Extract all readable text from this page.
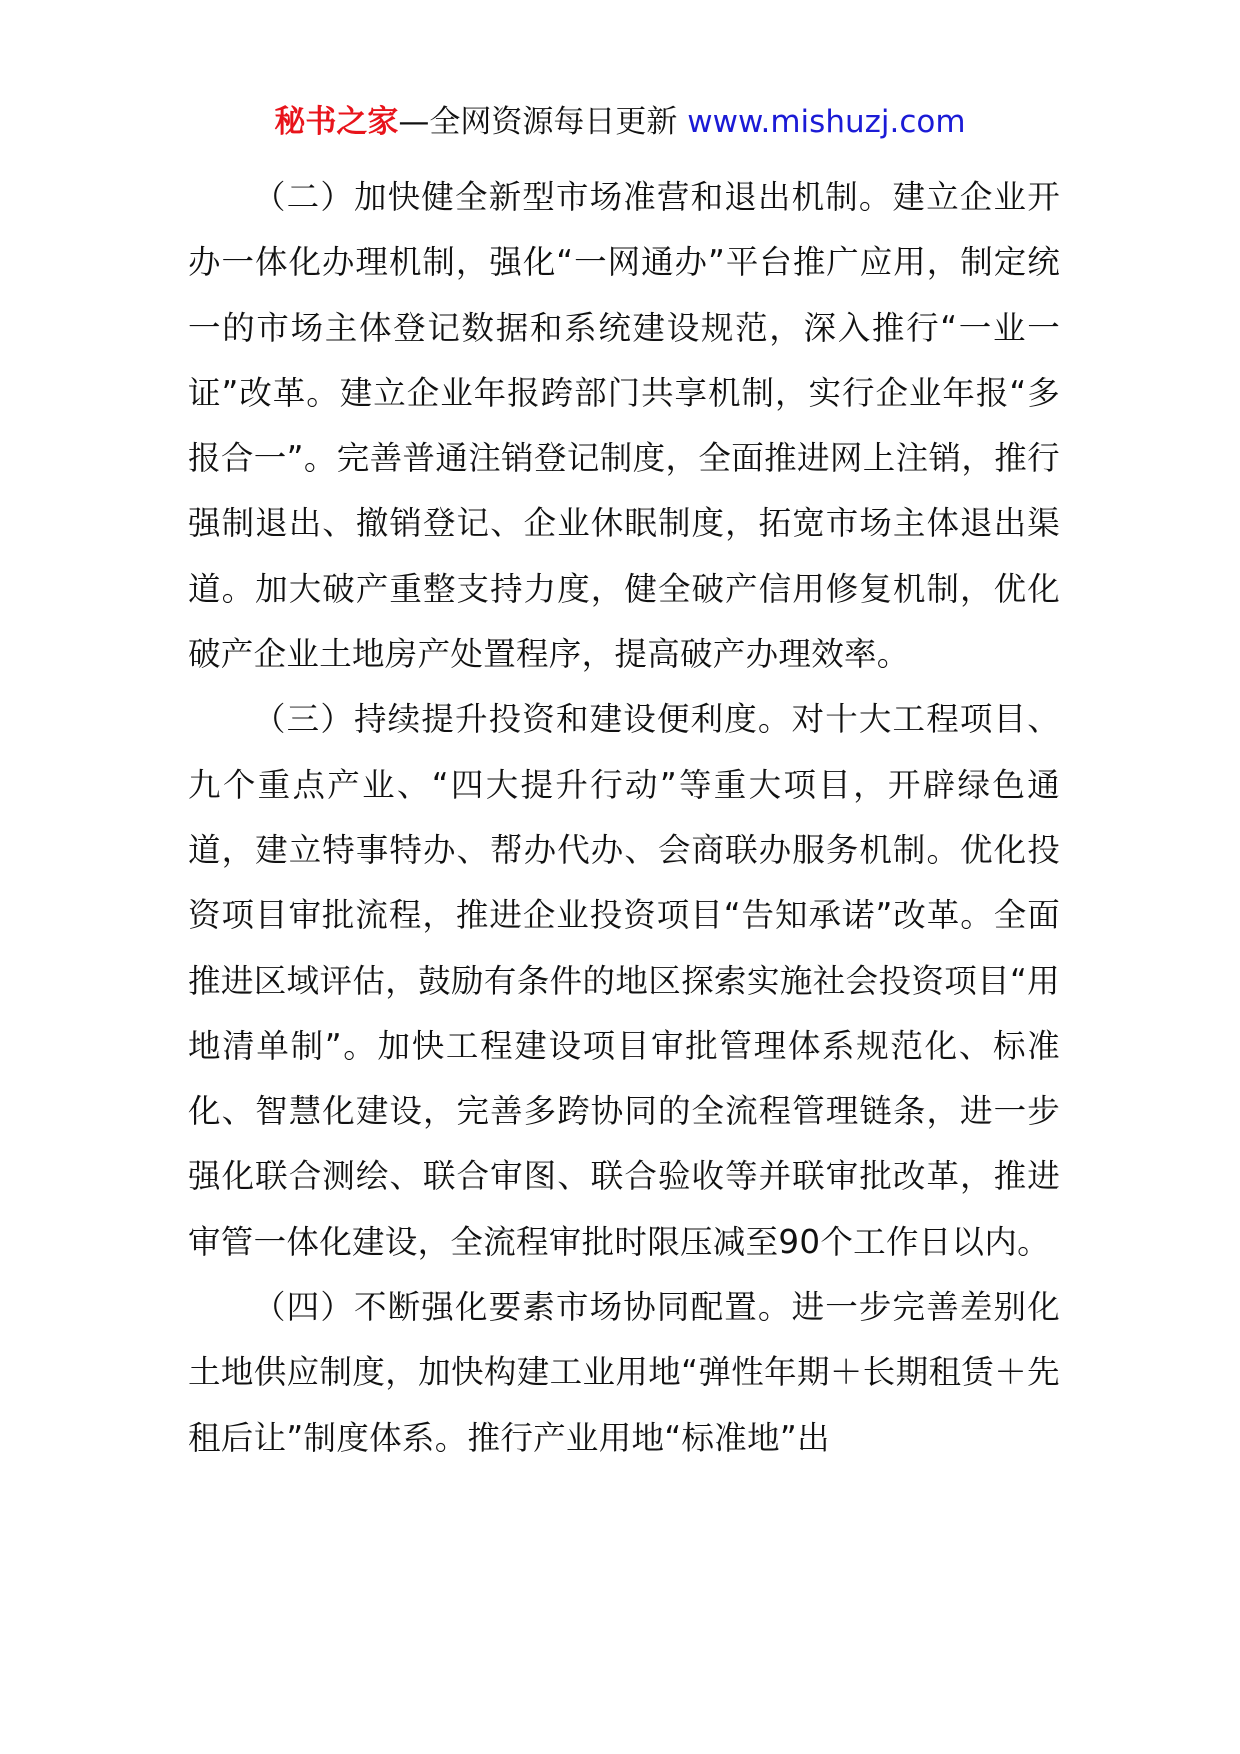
秘书之家—全网资源每日更新 www.mishuzj.com

（二）加快健全新型市场准营和退出机制。建立企业开办一体化办理机制，强化“一网通办”平台推广应用，制定统一的市场主体登记数据和系统建设规范，深入推行“一业一证”改革。建立企业年报跨部门共享机制，实行企业年报“多报合一”。完善普通注销登记制度，全面推进网上注销，推行强制退出、撤销登记、企业休眠制度，拓宽市场主体退出渠道。加大破产重整支持力度，健全破产信用修复机制，优化破产企业土地房产处置程序，提高破产办理效率。

（三）持续提升投资和建设便利度。对十大工程项目、九个重点产业、“四大提升行动”等重大项目，开辟绿色通道，建立特事特办、帮办代办、会商联办服务机制。优化投资项目审批流程，推进企业投资项目“告知承诺”改革。全面推进区域评估，鼓励有条件的地区探索实施社会投资项目“用地清单制”。加快工程建设项目审批管理体系规范化、标准化、智慧化建设，完善多跨协同的全流程管理链条，进一步强化联合测绘、联合审图、联合验收等并联审批改革，推进审管一体化建设，全流程审批时限压减至90个工作日以内。

（四）不断强化要素市场协同配置。进一步完善差别化土地供应制度，加快构建工业用地“弹性年期＋长期租赁＋先租后让”制度体系。推行产业用地“标准地”出
